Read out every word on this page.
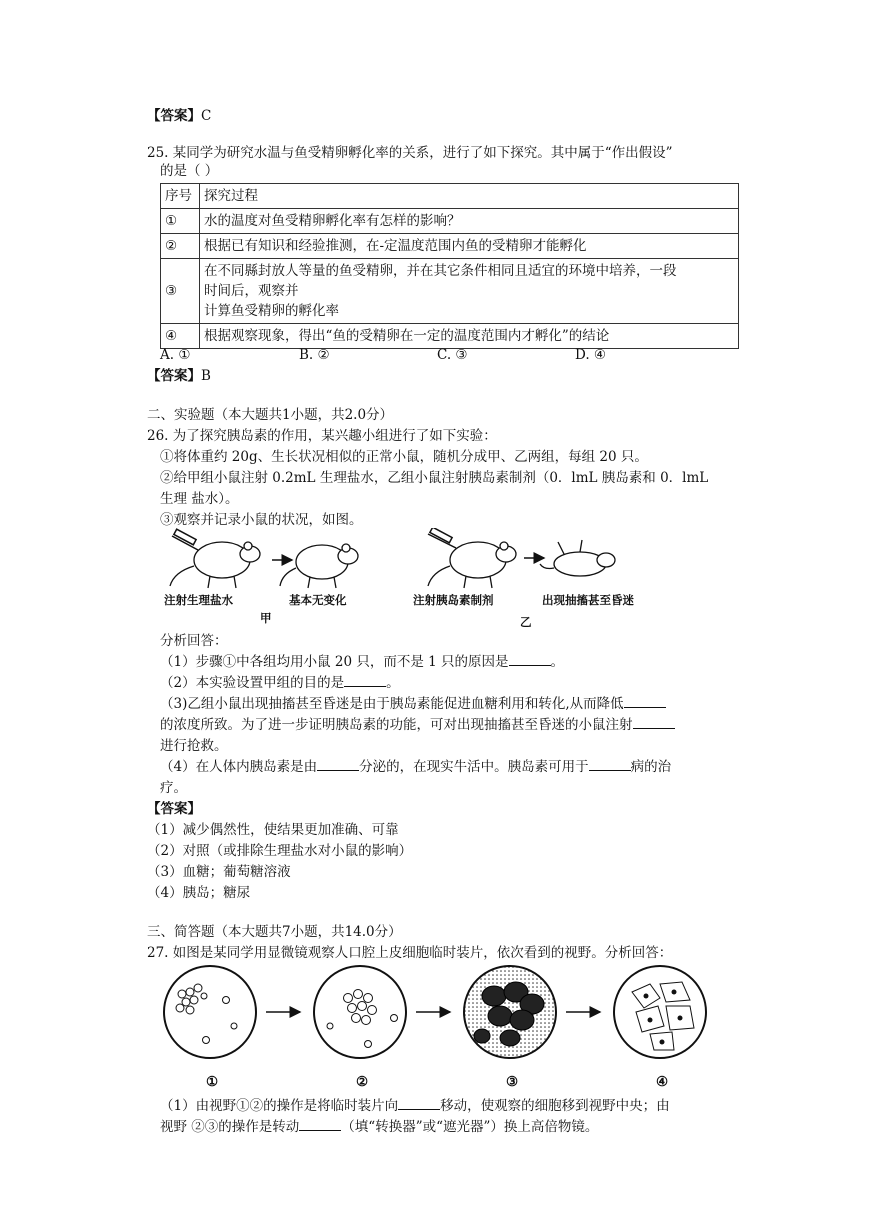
【答案】C
25. 某同学为研究水温与鱼受精卵孵化率的关系，进行了如下探究。其中属于“作出假设”
的是（ ）
序号	探究过程
①	水的温度对鱼受精卵孵化率有怎样的影响？
②	根据已有知识和经验推测，在-定温度范围内鱼的受精卵才能孵化
③	在不同縣封放人等量的鱼受精卵，并在其它条件相同且适宜的环境中培养，一段
时间后，观察并
计算鱼受精卵的孵化率

④	根据观察现象，得出“鱼的受精卵在一定的温度范围内才孵化”的结论
A. ①	B. ②	C. ③	D. ④
【答案】B
二、实验题（本大题共1小题，共2.0分）
26. 为了探究胰岛素的作用，某兴趣小组进行了如下实验：
①将体重约 20g、生长状况相似的正常小鼠，随机分成甲、乙两组，每组 20 只。
②给甲组小鼠注射 0.2mL 生理盐水，乙组小鼠注射胰岛素制剂（0．lmL 胰岛素和 0．lmL
生理 盐水）。
③观察并记录小鼠的状况，如图。
注射生理盐水	基本无变化
甲
注射胰岛素制剂	出现抽搐甚至昏迷
乙
分析回答：
（1）步骤①中各组均用小鼠 20 只，而不是 1 只的原因是	。
（2）本实验设置甲组的目的是	。
（3)乙组小鼠出现抽搐甚至昏迷是由于胰岛素能促进血糖利用和转化,从而降低
的浓度所致。为了进一步证明胰岛素的功能，可对出现抽搐甚至昏迷的小鼠注射
进行抢救。
（4）在人体内胰岛素是由	分泌的，在现实牛活中。胰岛素可用于	病的治
疗。
【答案】
（1）减少偶然性，使结果更加准确、可靠
（2）对照（或排除生理盐水对小鼠的影响）
（3）血糖；葡萄糖溶液
（4）胰岛；糖尿
三、简答题（本大题共7小题，共14.0分）
27. 如图是某同学用显微镜观察人口腔上皮细胞临时装片，依次看到的视野。分析回答：
①	②	③	④
（1）由视野①②的操作是将临时装片向	移动，使观察的细胞移到视野中央；由
视野 ②③的操作是转动	（填“转换器”或“遮光器”）换上高倍物镜。
